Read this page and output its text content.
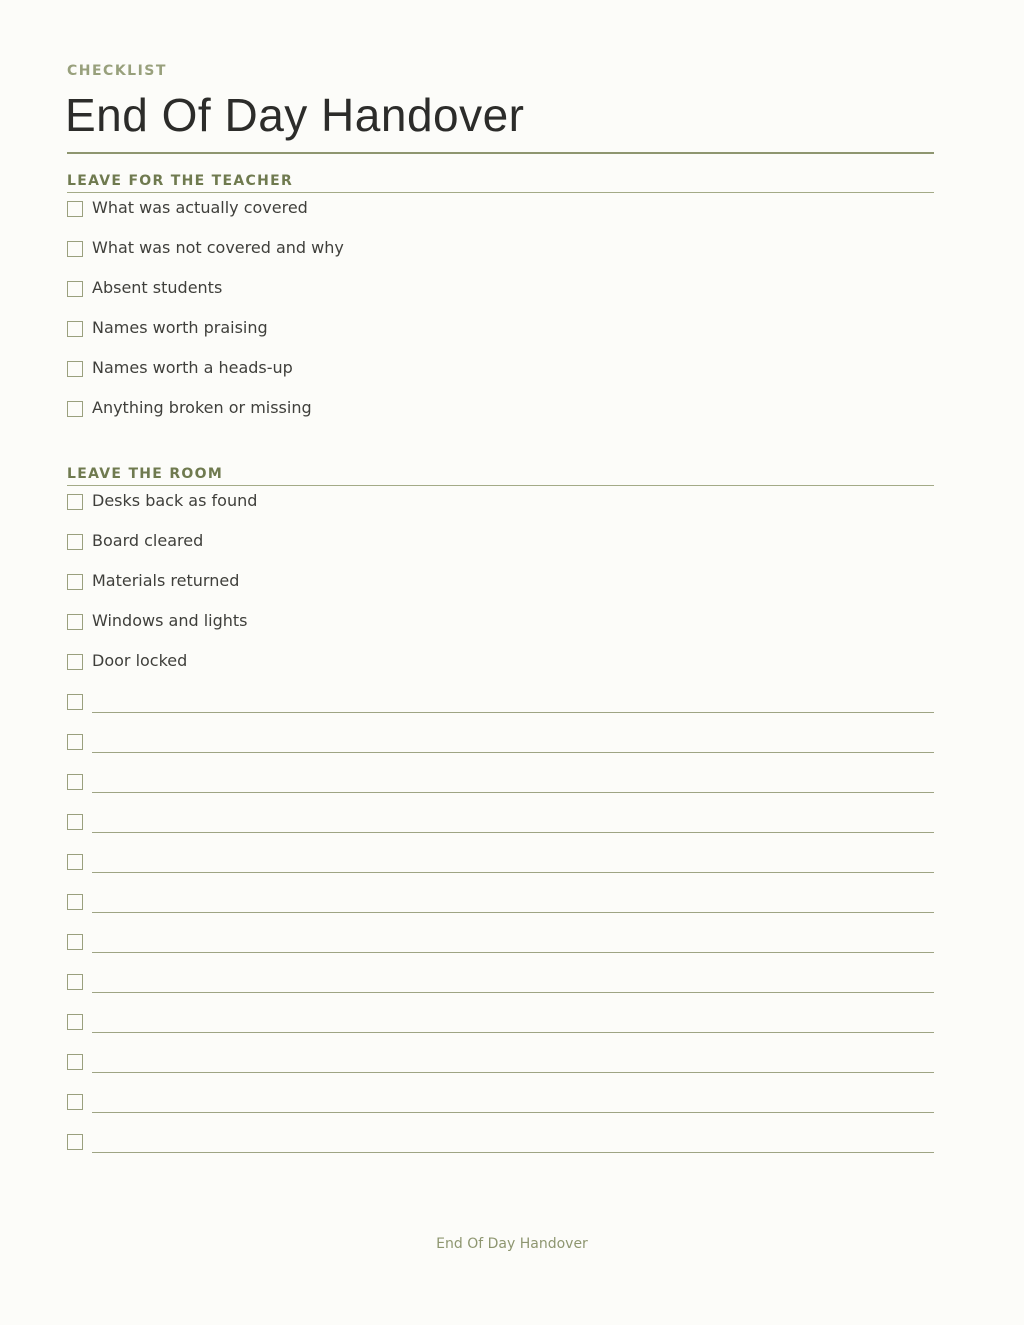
CHECKLIST
End Of Day Handover
LEAVE FOR THE TEACHER
What was actually covered
What was not covered and why
Absent students
Names worth praising
Names worth a heads-up
Anything broken or missing
LEAVE THE ROOM
Desks back as found
Board cleared
Materials returned
Windows and lights
Door locked
End Of Day Handover
